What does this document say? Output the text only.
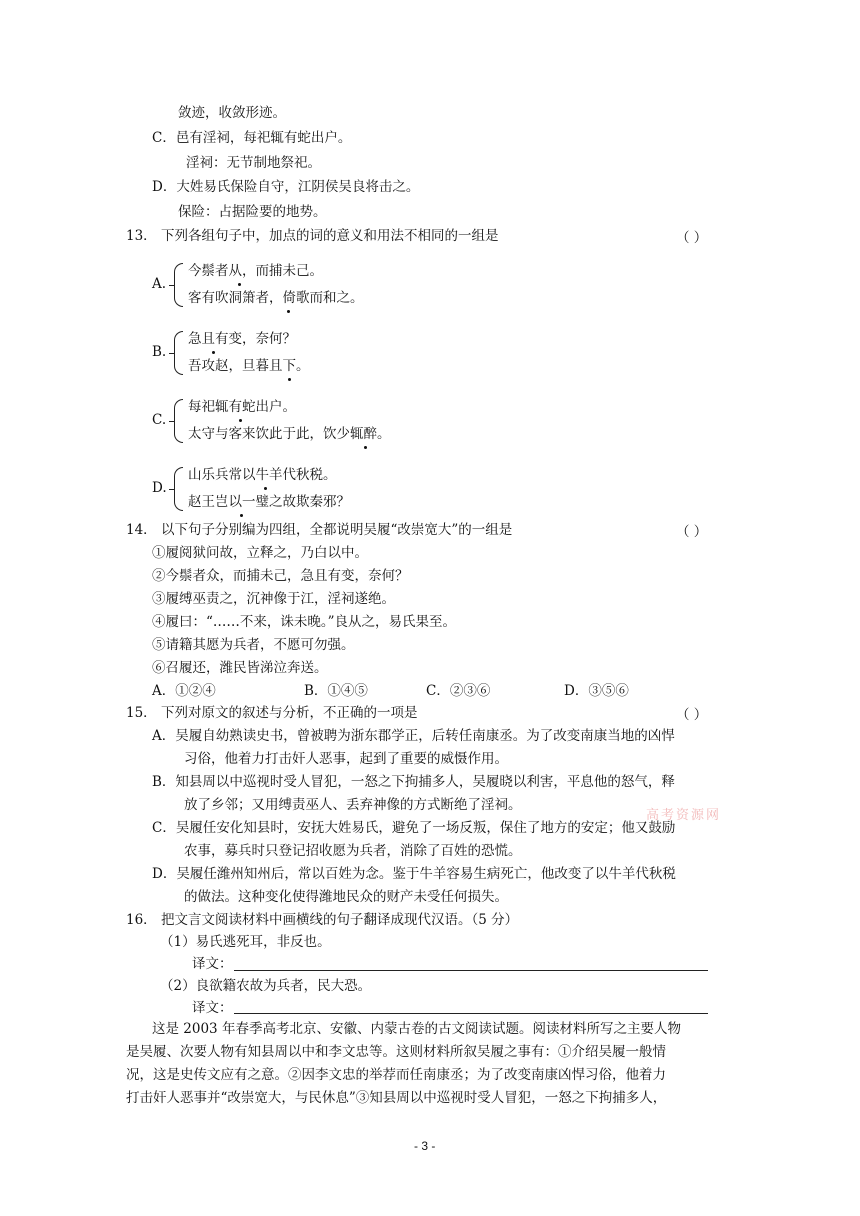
敛迹，收敛形迹。
C．邑有淫祠，每祀辄有蛇出户。
淫祠：无节制地祭祀。
D．大姓易氏保险自守，江阴侯吴良将击之。
保险：占据险要的地势。
13． 下列各组句子中，加点的词的意义和用法不相同的一组是	（ ）
A.
今鬃者从，而捕未己。
客有吹洞箫者，倚歌而和之。
B.
急且有变，奈何？
吾攻赵，旦暮且下。
C.
每祀辄有蛇出户。
太守与客来饮此于此，饮少辄醉。
D.
山乐兵常以牛羊代秋税。
赵王岂以一璧之故欺秦邪？
14． 以下句子分别编为四组，全都说明吴履“改崇宽大”的一组是	（ ）
①履阅狱问故，立释之，乃白以中。
②今鬃者众，而捕未己，急且有变，奈何？
③履缚巫责之，沉神像于江，淫祠遂绝。
④履曰：“……不来，诛未晚。”良从之，易氏果至。
⑤请籍其愿为兵者，不愿可勿强。
⑥召履还，潍民皆涕泣奔送。
A．①②④	B．①④⑤	C．②③⑥	D．③⑤⑥
15． 下列对原文的叙述与分析，不正确的一项是	（ ）
A．吴履自幼熟读史书，曾被聘为浙东郡学正，后转任南康丞。为了改变南康当地的凶悍
习俗，他着力打击奸人恶事，起到了重要的威慑作用。
B．知县周以中巡视时受人冒犯，一怒之下拘捕多人，吴履晓以利害，平息他的怒气，释
放了乡邻；又用缚责巫人、丢弃神像的方式断绝了淫祠。
C．吴履任安化知县时，安抚大姓易氏，避免了一场反叛，保住了地方的安定；他又鼓励
农事，募兵时只登记招收愿为兵者，消除了百姓的恐慌。
D．吴履任潍州知州后，常以百姓为念。鉴于牛羊容易生病死亡，他改变了以牛羊代秋税
的做法。这种变化使得潍地民众的财产未受任何损失。
16． 把文言文阅读材料中画横线的句子翻译成现代汉语。（5 分）
（1）易氏逃死耳，非反也。
译文：
（2）良欲籍农故为兵者，民大恐。
译文：
这是 2003 年春季高考北京、安徽、内蒙古卷的古文阅读试题。阅读材料所写之主要人物
是吴履、次要人物有知县周以中和李文忠等。这则材料所叙吴履之事有：①介绍吴履一般情
况，这是史传文应有之意。②因李文忠的举荐而任南康丞；为了改变南康凶悍习俗，他着力
打击奸人恶事并“改崇宽大，与民休息”③知县周以中巡视时受人冒犯，一怒之下拘捕多人，
高考资源网
- 3 -
